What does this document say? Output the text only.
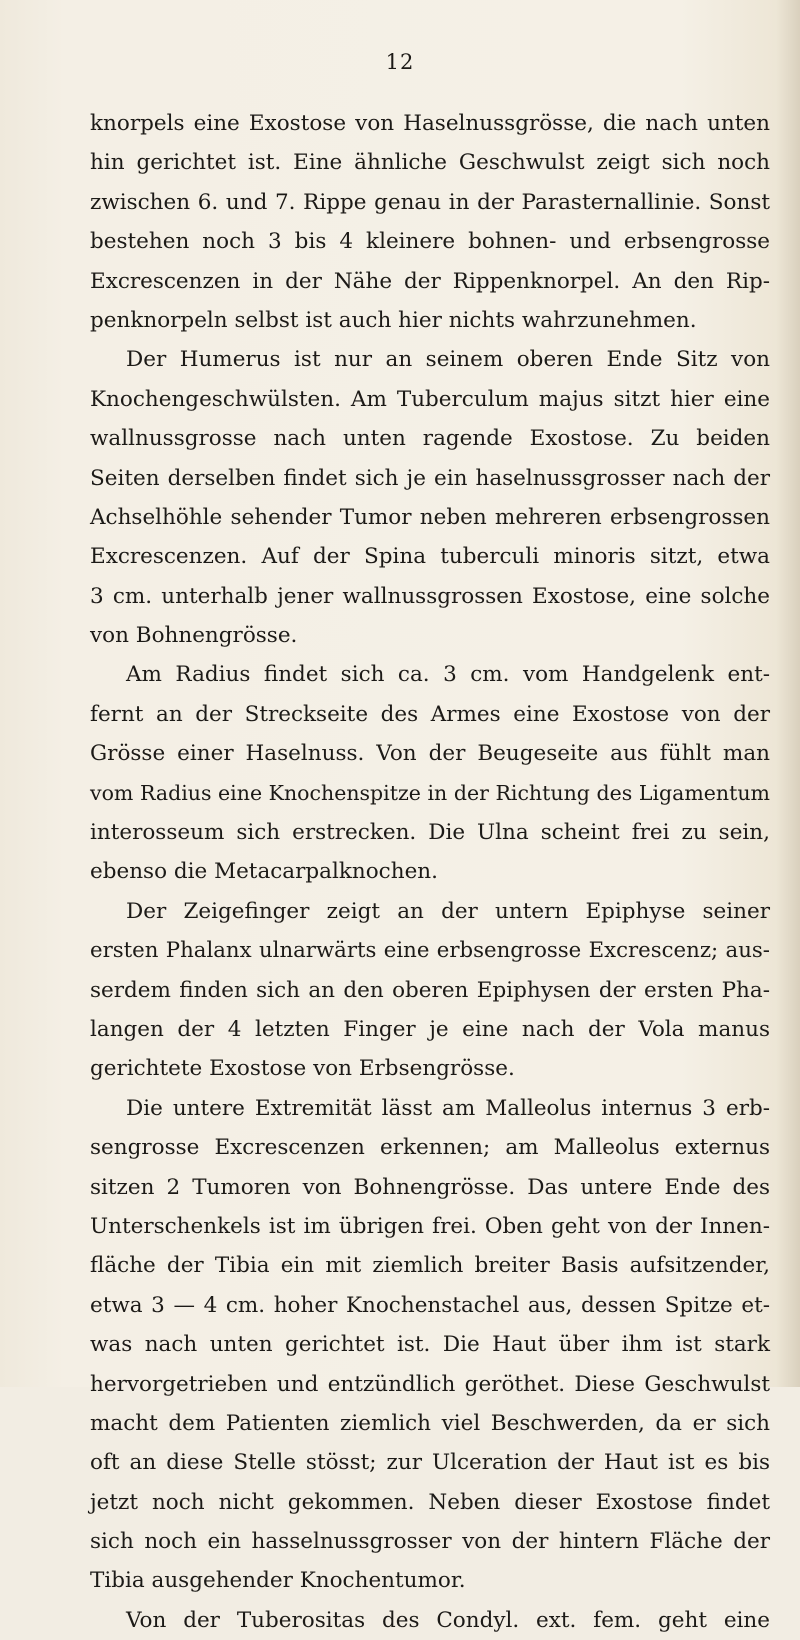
12
knorpels eine Exostose von Haselnussgrösse, die nach unten
hin gerichtet ist. Eine ähnliche Geschwulst zeigt sich noch
zwischen 6. und 7. Rippe genau in der Parasternallinie. Sonst
bestehen noch 3 bis 4 kleinere bohnen- und erbsengrosse
Excrescenzen in der Nähe der Rippenknorpel. An den Rip-
penknorpeln selbst ist auch hier nichts wahrzunehmen.
Der Humerus ist nur an seinem oberen Ende Sitz von
Knochengeschwülsten. Am Tuberculum majus sitzt hier eine
wallnussgrosse nach unten ragende Exostose. Zu beiden
Seiten derselben findet sich je ein haselnussgrosser nach der
Achselhöhle sehender Tumor neben mehreren erbsengrossen
Excrescenzen. Auf der Spina tuberculi minoris sitzt, etwa
3 cm. unterhalb jener wallnussgrossen Exostose, eine solche
von Bohnengrösse.
Am Radius findet sich ca. 3 cm. vom Handgelenk ent-
fernt an der Streckseite des Armes eine Exostose von der
Grösse einer Haselnuss. Von der Beugeseite aus fühlt man
vom Radius eine Knochenspitze in der Richtung des Ligamentum
interosseum sich erstrecken. Die Ulna scheint frei zu sein,
ebenso die Metacarpalknochen.
Der Zeigefinger zeigt an der untern Epiphyse seiner
ersten Phalanx ulnarwärts eine erbsengrosse Excrescenz; aus-
serdem finden sich an den oberen Epiphysen der ersten Pha-
langen der 4 letzten Finger je eine nach der Vola manus
gerichtete Exostose von Erbsengrösse.
Die untere Extremität lässt am Malleolus internus 3 erb-
sengrosse Excrescenzen erkennen; am Malleolus externus
sitzen 2 Tumoren von Bohnengrösse. Das untere Ende des
Unterschenkels ist im übrigen frei. Oben geht von der Innen-
fläche der Tibia ein mit ziemlich breiter Basis aufsitzender,
etwa 3 — 4 cm. hoher Knochenstachel aus, dessen Spitze et-
was nach unten gerichtet ist. Die Haut über ihm ist stark
hervorgetrieben und entzündlich geröthet. Diese Geschwulst
macht dem Patienten ziemlich viel Beschwerden, da er sich
oft an diese Stelle stösst; zur Ulceration der Haut ist es bis
jetzt noch nicht gekommen. Neben dieser Exostose findet
sich noch ein hasselnussgrosser von der hintern Fläche der
Tibia ausgehender Knochentumor.
Von der Tuberositas des Condyl. ext. fem. geht eine
